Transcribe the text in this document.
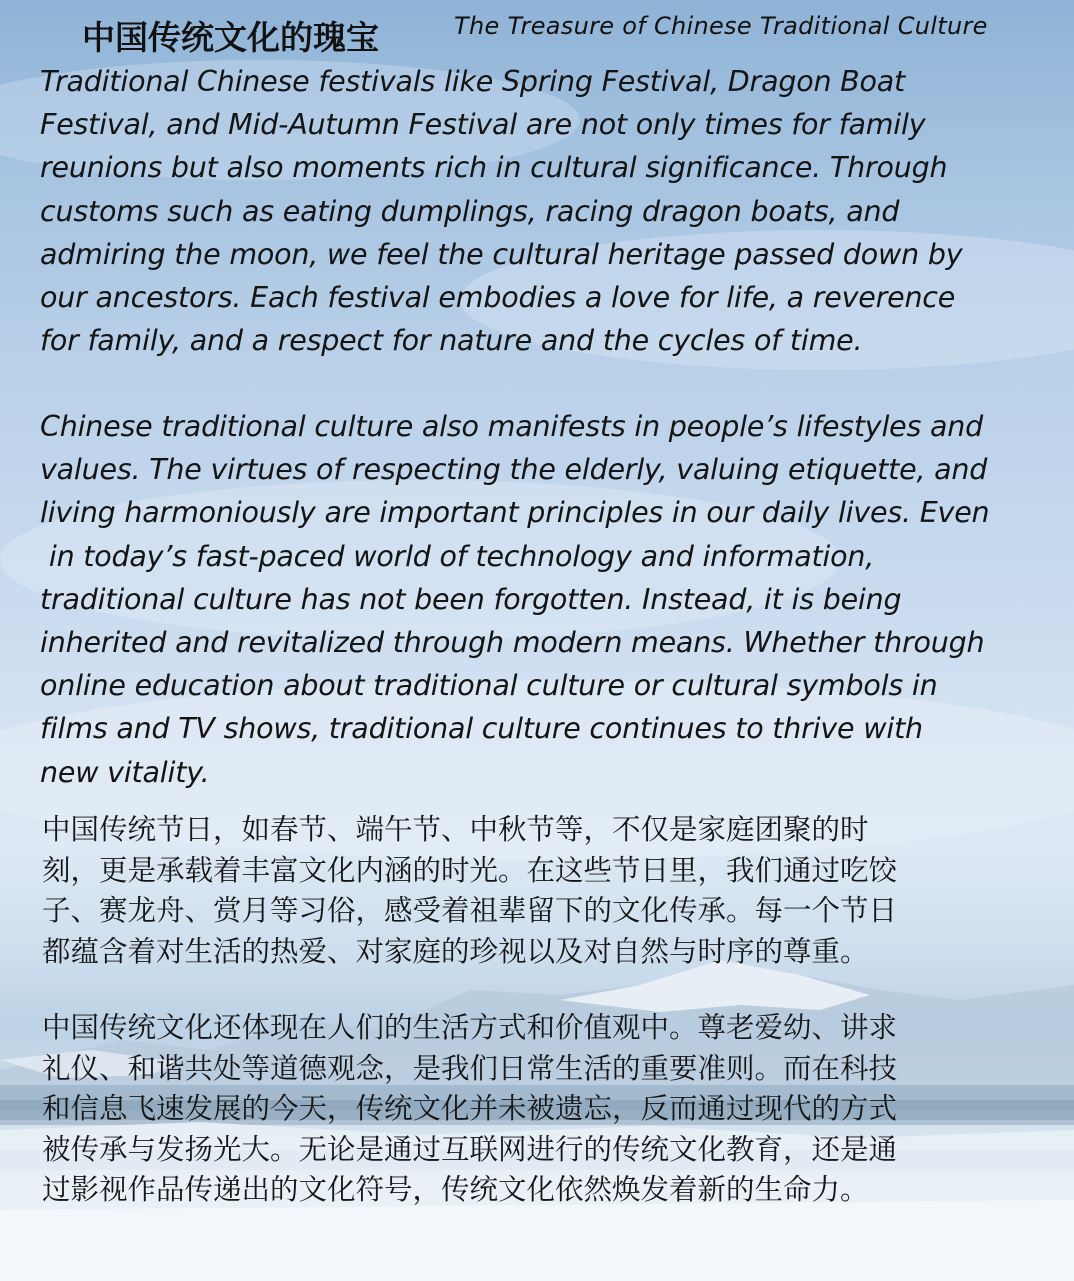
中国传统文化的瑰宝	The Treasure of Chinese Traditional Culture
Traditional Chinese festivals like Spring Festival, Dragon Boat
Festival, and Mid-Autumn Festival are not only times for family
reunions but also moments rich in cultural significance. Through
customs such as eating dumplings, racing dragon boats, and
admiring the moon, we feel the cultural heritage passed down by
our ancestors. Each festival embodies a love for life, a reverence
for family, and a respect for nature and the cycles of time.
Chinese traditional culture also manifests in people’s lifestyles and
values. The virtues of respecting the elderly, valuing etiquette, and
living harmoniously are important principles in our daily lives. Even
in today’s fast-paced world of technology and information,
traditional culture has not been forgotten. Instead, it is being
inherited and revitalized through modern means. Whether through
online education about traditional culture or cultural symbols in
films and TV shows, traditional culture continues to thrive with
new vitality.
中国传统节日，如春节、端午节、中秋节等，不仅是家庭团聚的时
刻，更是承载着丰富文化内涵的时光。在这些节日里，我们通过吃饺
子、赛龙舟、赏月等习俗，感受着祖辈留下的文化传承。每一个节日
都蕴含着对生活的热爱、对家庭的珍视以及对自然与时序的尊重。
中国传统文化还体现在人们的生活方式和价值观中。尊老爱幼、讲求
礼仪、和谐共处等道德观念，是我们日常生活的重要准则。而在科技
和信息飞速发展的今天，传统文化并未被遗忘，反而通过现代的方式
被传承与发扬光大。无论是通过互联网进行的传统文化教育，还是通
过影视作品传递出的文化符号，传统文化依然焕发着新的生命力。
